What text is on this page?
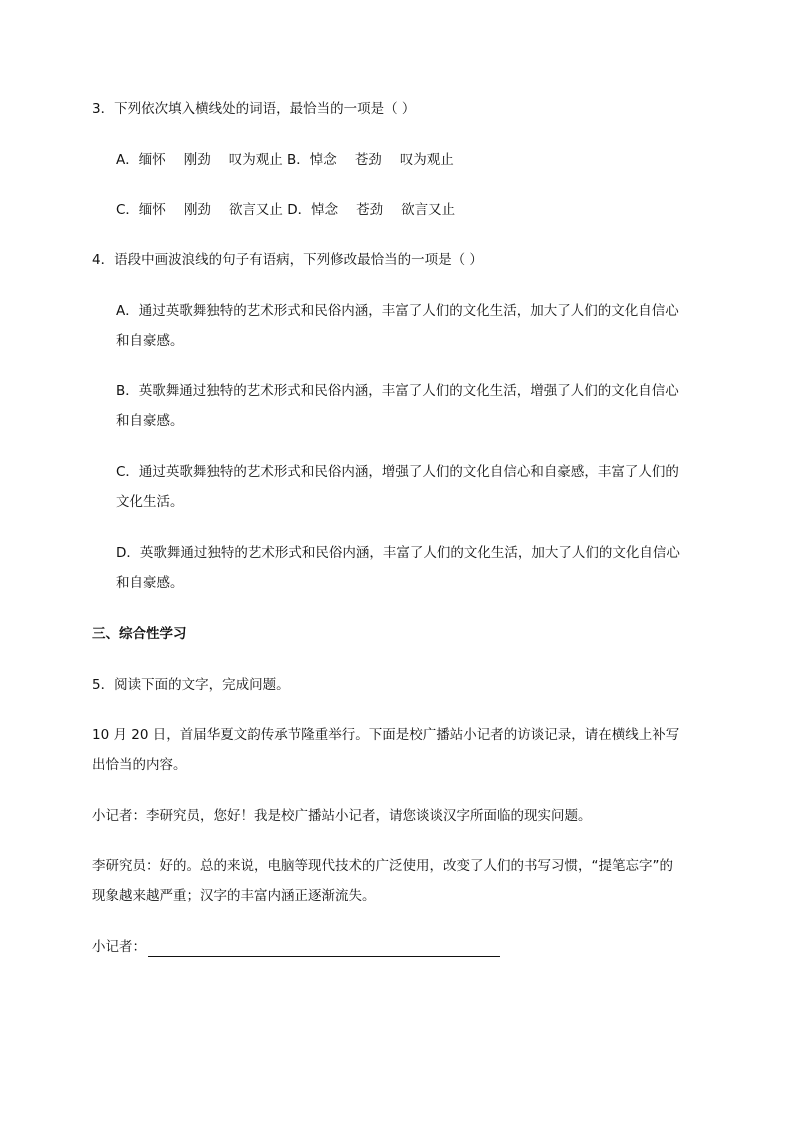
3．下列依次填入横线处的词语，最恰当的一项是（ ）
A．缅怀 刚劲 叹为观止 B．悼念 苍劲 叹为观止
C．缅怀 刚劲 欲言又止 D．悼念 苍劲 欲言又止
4．语段中画波浪线的句子有语病，下列修改最恰当的一项是（ ）
A．通过英歌舞独特的艺术形式和民俗内涵，丰富了人们的文化生活，加大了人们的文化自信心
和自豪感。
B．英歌舞通过独特的艺术形式和民俗内涵，丰富了人们的文化生活，增强了人们的文化自信心
和自豪感。
C．通过英歌舞独特的艺术形式和民俗内涵，增强了人们的文化自信心和自豪感，丰富了人们的
文化生活。
D．英歌舞通过独特的艺术形式和民俗内涵，丰富了人们的文化生活，加大了人们的文化自信心
和自豪感。
三、综合性学习
5．阅读下面的文字，完成问题。
10 月 20 日，首届华夏文韵传承节隆重举行。下面是校广播站小记者的访谈记录，请在横线上补写
出恰当的内容。
小记者：李研究员，您好！我是校广播站小记者，请您谈谈汉字所面临的现实问题。
李研究员：好的。总的来说，电脑等现代技术的广泛使用，改变了人们的书写习惯，“提笔忘字”的
现象越来越严重；汉字的丰富内涵正逐渐流失。
小记者：
